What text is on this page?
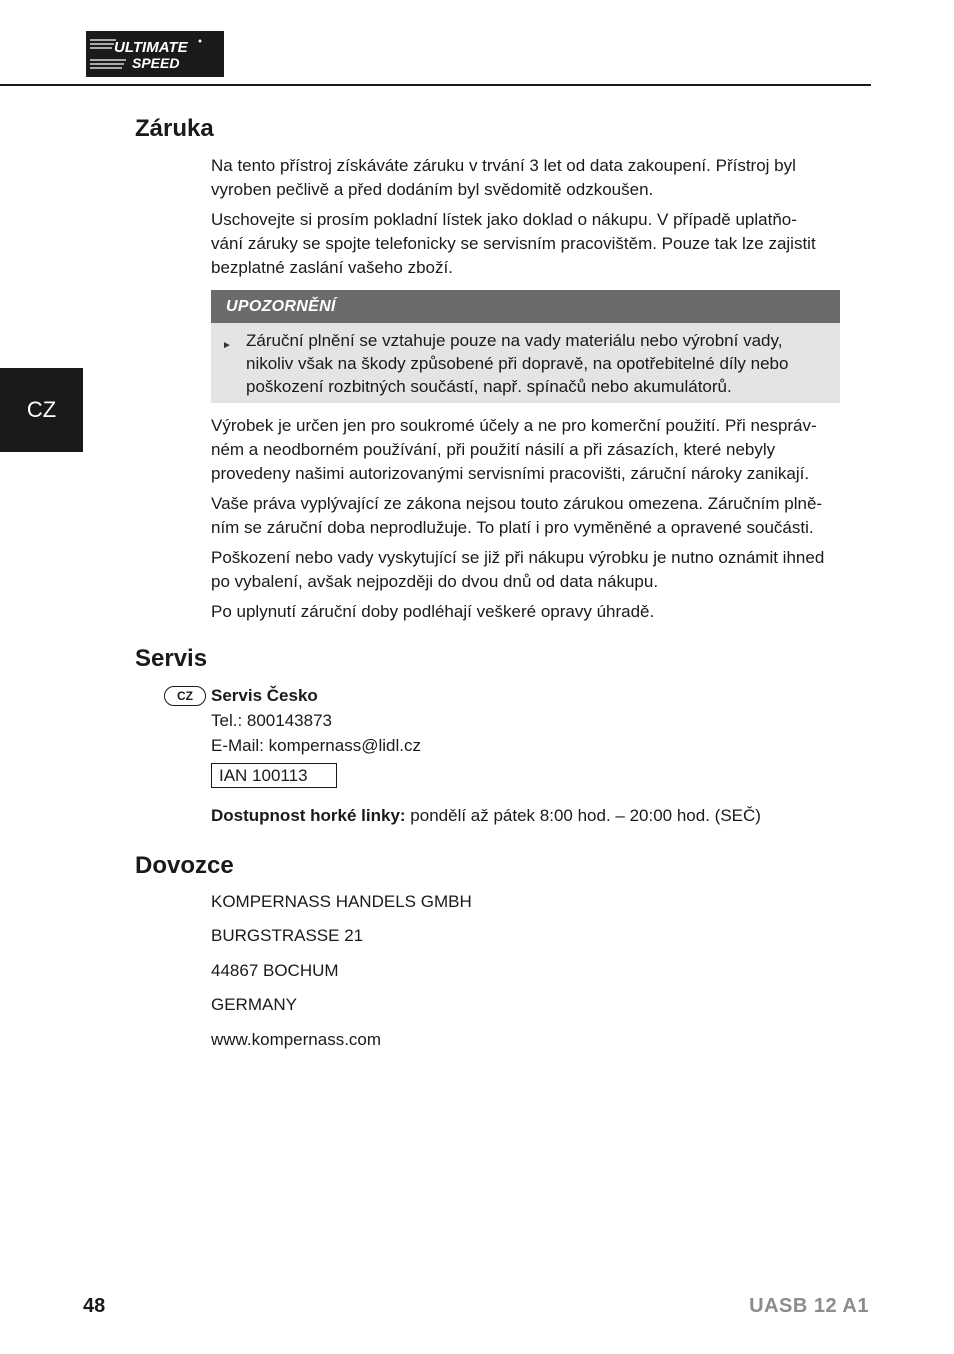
ULTIMATE
SPEED
CZ
Záruka
Na tento přístroj získáváte záruku v trvání 3 let od data zakoupení. Přístroj byl
vyroben pečlivě a před dodáním byl svědomitě odzkoušen.
Uschovejte si prosím pokladní lístek jako doklad o nákupu. V případě uplatňo-
vání záruky se spojte telefonicky se servisním pracovištěm. Pouze tak lze zajistit
bezplatné zaslání vašeho zboží.
UPOZORNĚNÍ
► Záruční plnění se vztahuje pouze na vady materiálu nebo výrobní vady,
nikoliv však na škody způsobené při dopravě, na opotřebitelné díly nebo
poškození rozbitných součástí, např. spínačů nebo akumulátorů.
Výrobek je určen jen pro soukromé účely a ne pro komerční použití. Při nespráv-
ném a neodborném používání, při použití násilí a při zásazích, které nebyly
provedeny našimi autorizovanými servisními pracovišti, záruční nároky zanikají.
Vaše práva vyplývající ze zákona nejsou touto zárukou omezena. Záručním plně-
ním se záruční doba neprodlužuje. To platí i pro vyměněné a opravené součásti.
Poškození nebo vady vyskytující se již při nákupu výrobku je nutno oznámit ihned
po vybalení, avšak nejpozději do dvou dnů od data nákupu.
Po uplynutí záruční doby podléhají veškeré opravy úhradě.
Servis
CZ	Servis Česko
Tel.: 800143873
E-Mail: kompernass@lidl.cz
IAN 100113
Dostupnost horké linky: pondělí až pátek 8:00 hod. – 20:00 hod. (SEČ)
Dovozce
KOMPERNASS HANDELS GMBH
BURGSTRASSE 21
44867 BOCHUM
GERMANY
www.kompernass.com
48	UASB 12 A1
